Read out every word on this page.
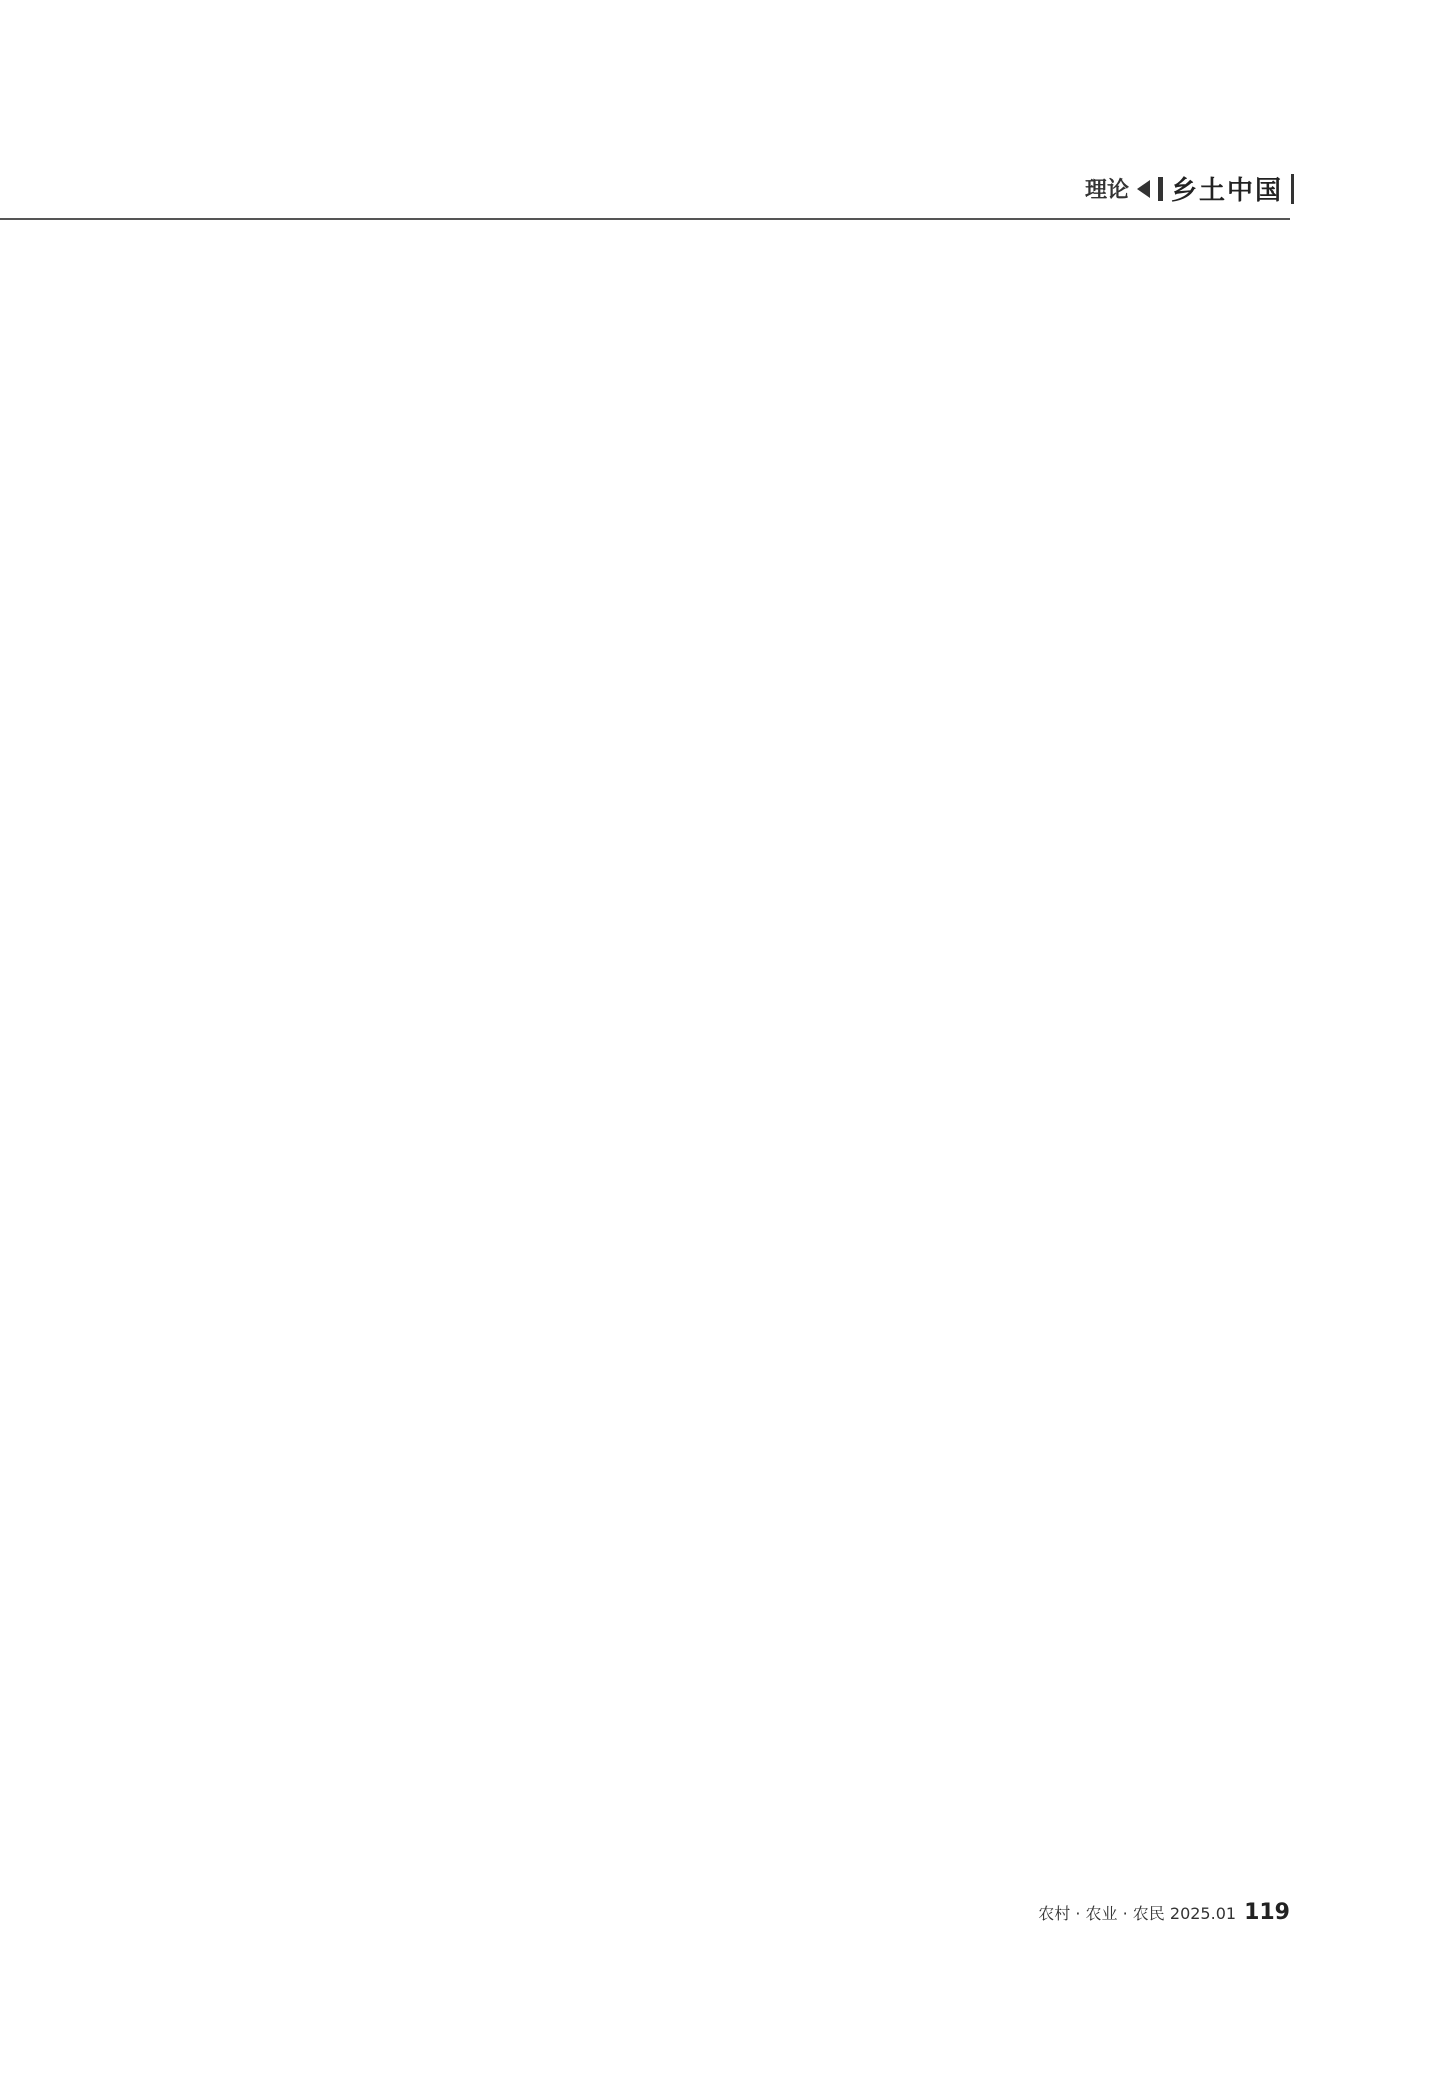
理论 乡土中国
农村 · 农业 · 农民 2025.01 119
